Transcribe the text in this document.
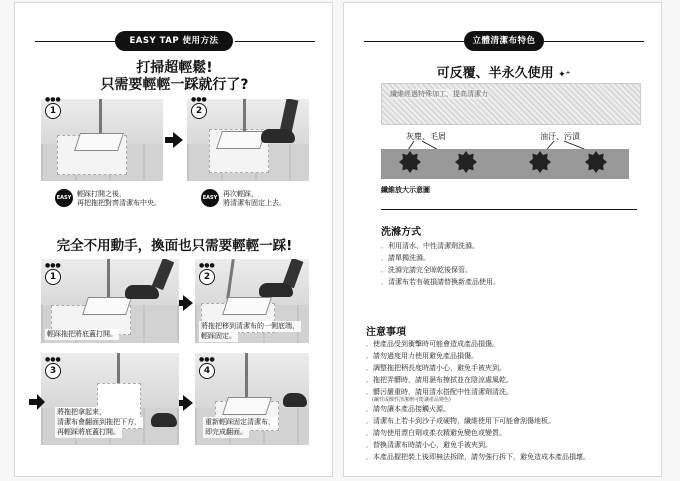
EASY TAP 使用方法
打掃超輕鬆!
只需要輕輕一踩就行了?
1
●●●
2
●●●
EASY TAP
輕踩打開之後，
再把拖把對齊清潔布中央。
EASY TAP
再次輕踩，
將清潔布固定上去。
完全不用動手，換面也只需要輕輕一踩!
1
●●●
輕踩拖把將底蓋打開。
2
●●●
將拖把移到清潔布的一側底端，
輕踩固定。
3
●●●
將拖把拿起來，
清潔布會翻面到拖把下方，
再輕踩將底蓋打開。
4
●●●
重新輕踩固定清潔布，
即完成翻面。
立體清潔布特色
可反覆、半永久使用 ✦⁺
纖維經過特殊加工，提高清潔力
灰塵、毛屑	油汙、污漬
纖維放大示意圖
洗滌方式
．利用清水、中性清潔劑洗滌。
．請單獨洗滌。
．洗滌完請完全晾乾後保管。
．清潔布若有破損請替換新產品使用。
注意事項
．使產品受到衝擊時可能會造成產品損傷。
．請勿過度用力使用避免產品損傷。
．調整拖把柄長度時請小心，避免手被夾到。
．拖把弄髒時，請用濕布擦拭並在陰涼處風乾。
．髒污嚴重時，請用清水搭配中性清潔劑清洗。
(鹼性或酸性清潔劑可能讓產品變色)
．請勿讓本產品接觸火源。
．清潔布上若卡到沙子或硬物，纖維使用下可能會刮傷地板。
．請勿使用漂白劑或柔衣精避免變色或變質。
．替換清潔布時請小心，避免手被夾到。
．本產品握把裝上後即無法拆除，請勿強行拆下，避免造成本產品損壞。
